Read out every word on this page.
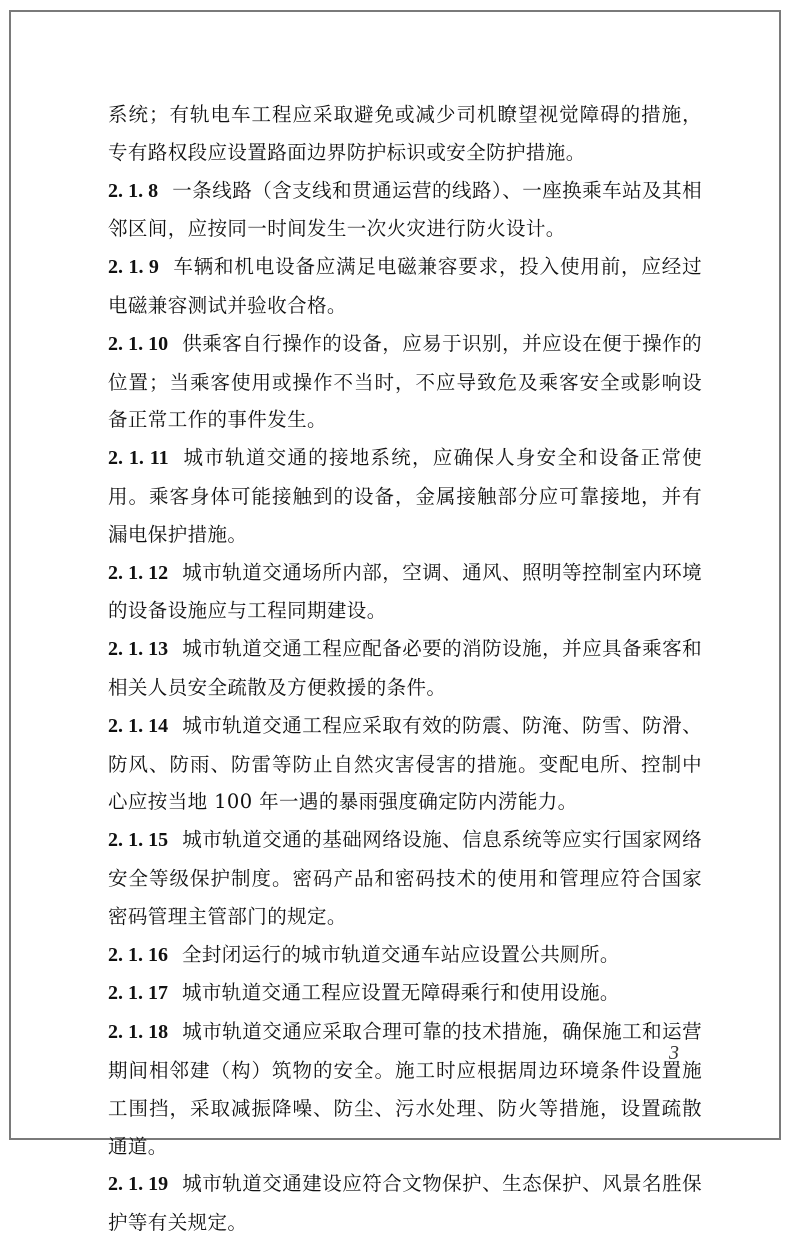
系统；有轨电车工程应采取避免或减少司机瞭望视觉障碍的措施，专有路权段应设置路面边界防护标识或安全防护措施。

2. 1. 8 一条线路（含支线和贯通运营的线路）、一座换乘车站及其相邻区间，应按同一时间发生一次火灾进行防火设计。

2. 1. 9 车辆和机电设备应满足电磁兼容要求，投入使用前，应经过电磁兼容测试并验收合格。

2. 1. 10 供乘客自行操作的设备，应易于识别，并应设在便于操作的位置；当乘客使用或操作不当时，不应导致危及乘客安全或影响设备正常工作的事件发生。

2. 1. 11 城市轨道交通的接地系统，应确保人身安全和设备正常使用。乘客身体可能接触到的设备，金属接触部分应可靠接地，并有漏电保护措施。

2. 1. 12 城市轨道交通场所内部，空调、通风、照明等控制室内环境的设备设施应与工程同期建设。

2. 1. 13 城市轨道交通工程应配备必要的消防设施，并应具备乘客和相关人员安全疏散及方便救援的条件。

2. 1. 14 城市轨道交通工程应采取有效的防震、防淹、防雪、防滑、防风、防雨、防雷等防止自然灾害侵害的措施。变配电所、控制中心应按当地 100 年一遇的暴雨强度确定防内涝能力。

2. 1. 15 城市轨道交通的基础网络设施、信息系统等应实行国家网络安全等级保护制度。密码产品和密码技术的使用和管理应符合国家密码管理主管部门的规定。

2. 1. 16 全封闭运行的城市轨道交通车站应设置公共厕所。

2. 1. 17 城市轨道交通工程应设置无障碍乘行和使用设施。

2. 1. 18 城市轨道交通应采取合理可靠的技术措施，确保施工和运营期间相邻建（构）筑物的安全。施工时应根据周边环境条件设置施工围挡，采取减振降噪、防尘、污水处理、防火等措施，设置疏散通道。

2. 1. 19 城市轨道交通建设应符合文物保护、生态保护、风景名胜保护等有关规定。

3
